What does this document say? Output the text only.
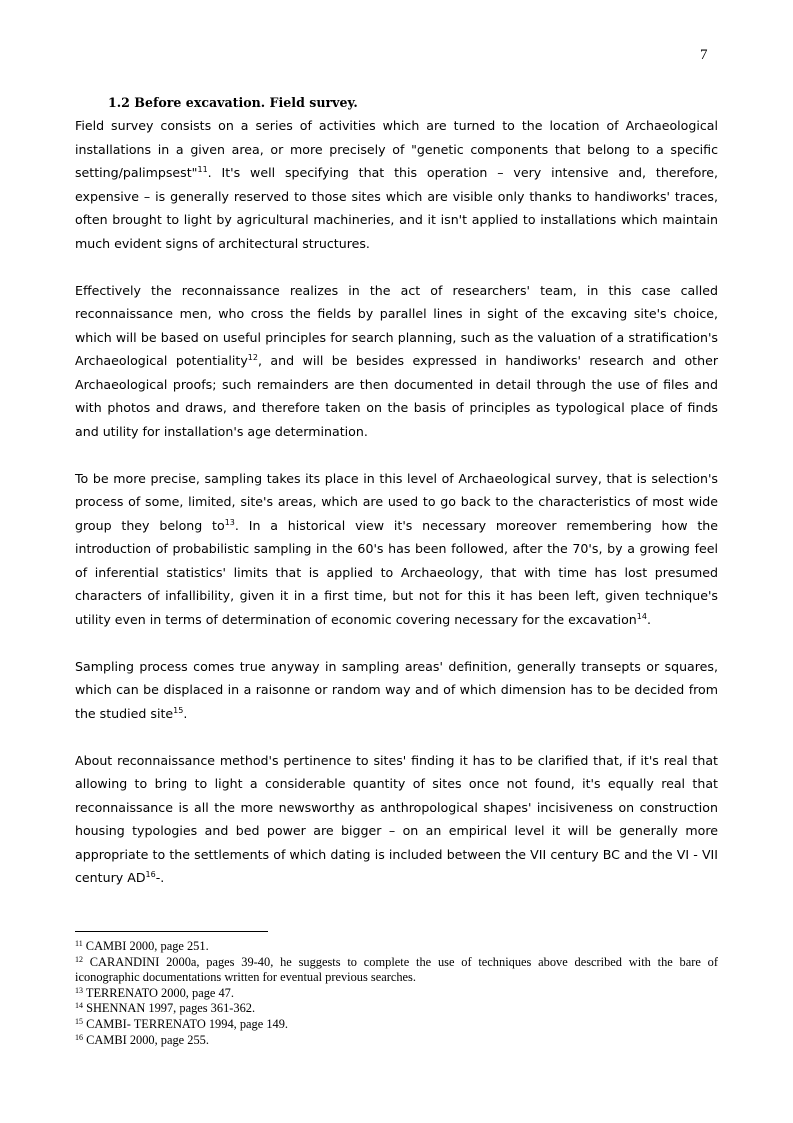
7

1.2 Before excavation. Field survey.

Field survey consists on a series of activities which are turned to the location of Archaeological installations in a given area, or more precisely of "genetic components that belong to a specific setting/palimpsest"$^{11}$. It's well specifying that this operation – very intensive and, therefore, expensive – is generally reserved to those sites which are visible only thanks to handiworks' traces, often brought to light by agricultural machineries, and it isn't applied to installations which maintain much evident signs of architectural structures.

Effectively the reconnaissance realizes in the act of researchers' team, in this case called reconnaissance men, who cross the fields by parallel lines in sight of the excaving site's choice, which will be based on useful principles for search planning, such as the valuation of a stratification's Archaeological potentiality$^{12}$, and will be besides expressed in handiworks' research and other Archaeological proofs; such remainders are then documented in detail through the use of files and with photos and draws, and therefore taken on the basis of principles as typological place of finds and utility for installation's age determination.

To be more precise, sampling takes its place in this level of Archaeological survey, that is selection's process of some, limited, site's areas, which are used to go back to the characteristics of most wide group they belong $to^{13}$. In a historical view it's necessary moreover remembering how the introduction of probabilistic sampling in the 60's has been followed, after the 70's, by a growing feel of inferential statistics' limits that is applied to Archaeology, that with time has lost presumed characters of infallibility, given it in a first time, but not for this it has been left, given technique's utility even in terms of determination of economic covering necessary for the excavation$^{14}$.

Sampling process comes true anyway in sampling areas' definition, generally transepts or squares, which can be displaced in a raisonne or random way and of which dimension has to be decided from the studied site$^{15}$.

About reconnaissance method's pertinence to sites' finding it has to be clarified that, if it's real that allowing to bring to light a considerable quantity of sites once not found, it's equally real that reconnaissance is all the more newsworthy as anthropological shapes' incisiveness on construction housing typologies and bed power are bigger – on an empirical level it will be generally more appropriate to the settlements of which dating is included between the VII century BC and the VI - VII century AD$^{16}$-.

$^{11}$ CAMBI 2000, page 251.

$^{12}$ CARANDINI 2000a, pages 39-40, he suggests to complete the use of techniques above described with the bare of iconographic documentations written for eventual previous searches.

$^{13}$ TERRENATO 2000, page 47.

$^{14}$ SHENNAN 1997, pages 361-362.

$^{15}$ CAMBI- TERRENATO 1994, page 149.

$^{16}$ CAMBI 2000, page 255.
